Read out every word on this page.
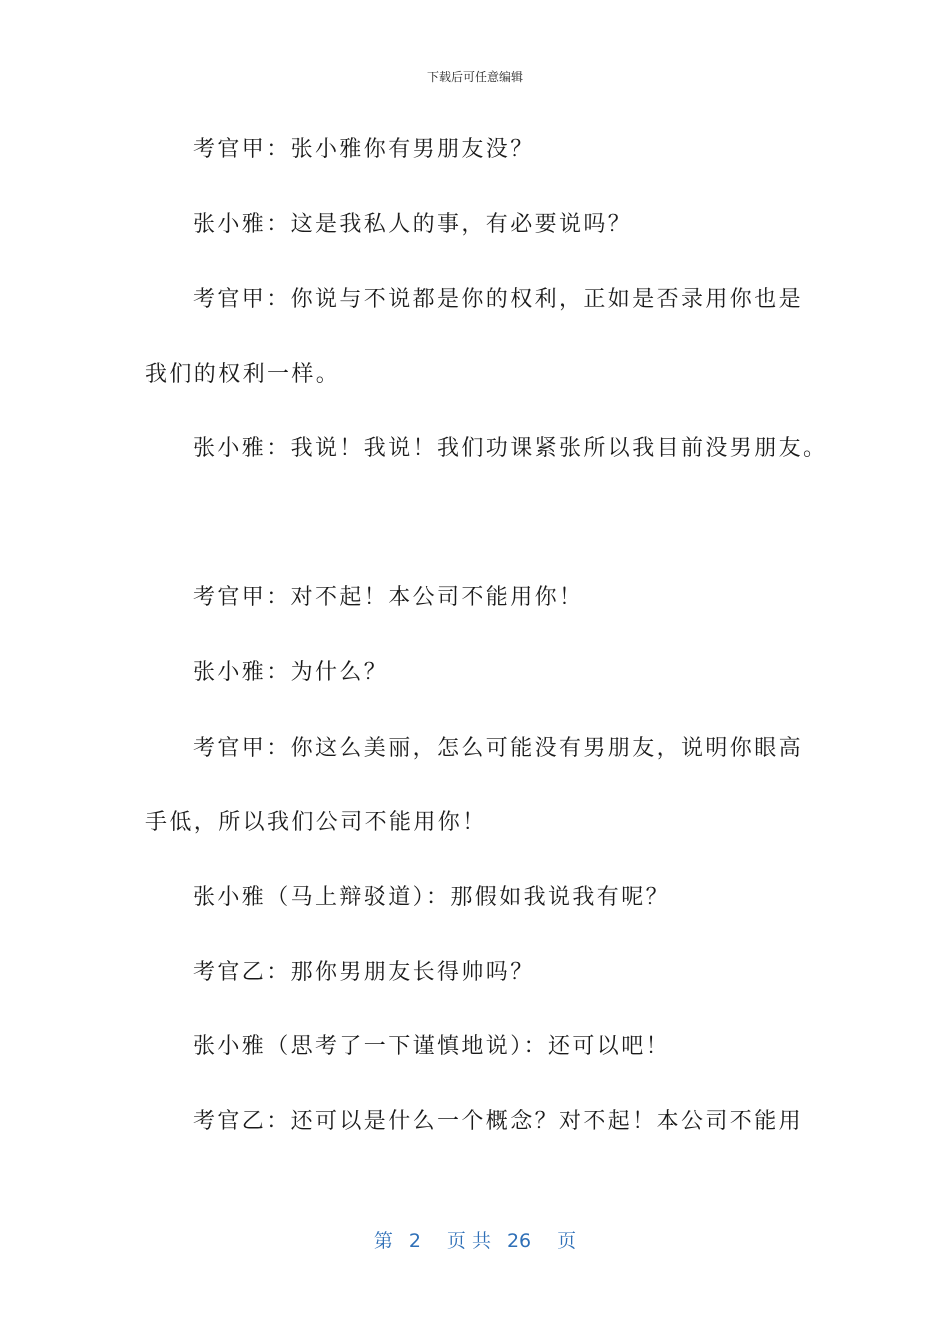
下载后可任意编辑
考官甲：张小雅你有男朋友没？
张小雅：这是我私人的事，有必要说吗？
考官甲：你说与不说都是你的权利，正如是否录用你也是
我们的权利一样。
张小雅：我说！我说！我们功课紧张所以我目前没男朋友。
考官甲：对不起！本公司不能用你！
张小雅：为什么？
考官甲：你这么美丽，怎么可能没有男朋友，说明你眼高
手低，所以我们公司不能用你！
张小雅（马上辩驳道）：那假如我说我有呢？
考官乙：那你男朋友长得帅吗？
张小雅（思考了一下谨慎地说）：还可以吧！
考官乙：还可以是什么一个概念？对不起！本公司不能用
第 2 页 共 26 页
